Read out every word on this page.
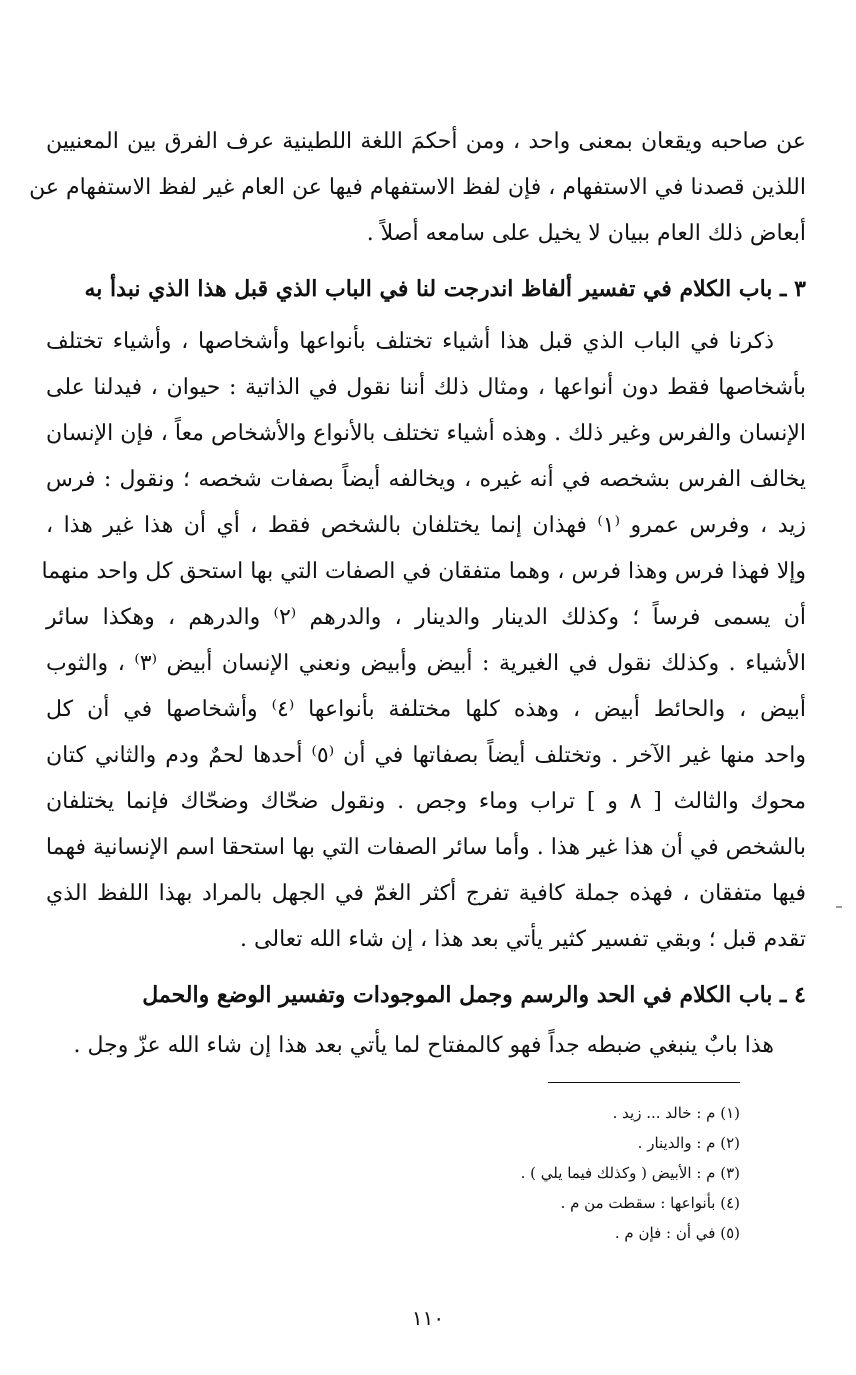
عن صاحبه ويقعان بمعنى واحد ، ومن أحكمَ اللغة اللطينية عرف الفرق بين المعنيين
اللذين قصدنا في الاستفهام ، فإن لفظ الاستفهام فيها عن العام غير لفظ الاستفهام عن
أبعاض ذلك العام ببيان لا يخيل على سامعه أصلاً .
٣ ـ باب الكلام في تفسير ألفاظ اندرجت لنا في الباب الذي قبل هذا الذي نبدأ به
ذكرنا في الباب الذي قبل هذا أشياء تختلف بأنواعها وأشخاصها ، وأشياء تختلف
بأشخاصها فقط دون أنواعها ، ومثال ذلك أننا نقول في الذاتية : حيوان ، فيدلنا على
الإنسان والفرس وغير ذلك . وهذه أشياء تختلف بالأنواع والأشخاص معاً ، فإن الإنسان
يخالف الفرس بشخصه في أنه غيره ، ويخالفه أيضاً بصفات شخصه ؛ ونقول : فرس
زيد ، وفرس عمرو ⁽١⁾ فهذان إنما يختلفان بالشخص فقط ، أي أن هذا غير هذا ،
وإلا فهذا فرس وهذا فرس ، وهما متفقان في الصفات التي بها استحق كل واحد منهما
أن يسمى فرساً ؛ وكذلك الدينار والدينار ، والدرهم ⁽٢⁾ والدرهم ، وهكذا سائر
الأشياء . وكذلك نقول في الغيرية : أبيض وأبيض ونعني الإنسان أبيض ⁽٣⁾ ، والثوب
أبيض ، والحائط أبيض ، وهذه كلها مختلفة بأنواعها ⁽٤⁾ وأشخاصها في أن كل
واحد منها غير الآخر . وتختلف أيضاً بصفاتها في أن ⁽٥⁾ أحدها لحمٌ ودم والثاني كتان
محوك والثالث [ ٨ و ] تراب وماء وجص . ونقول ضحّاك وضحّاك فإنما يختلفان
بالشخص في أن هذا غير هذا . وأما سائر الصفات التي بها استحقا اسم الإنسانية فهما
فيها متفقان ، فهذه جملة كافية تفرج أكثر الغمّ في الجهل بالمراد بهذا اللفظ الذي
تقدم قبل ؛ وبقي تفسير كثير يأتي بعد هذا ، إن شاء الله تعالى .
٤ ـ باب الكلام في الحد والرسم وجمل الموجودات وتفسير الوضع والحمل
هذا بابٌ ينبغي ضبطه جداً فهو كالمفتاح لما يأتي بعد هذا إن شاء الله عزّ وجل .
(١) م : خالد ... زيد .
(٢) م : والدينار .
(٣) م : الأبيض ( وكذلك فيما يلي ) .
(٤) بأنواعها : سقطت من م .
(٥) في أن : فإن م .
١١٠
